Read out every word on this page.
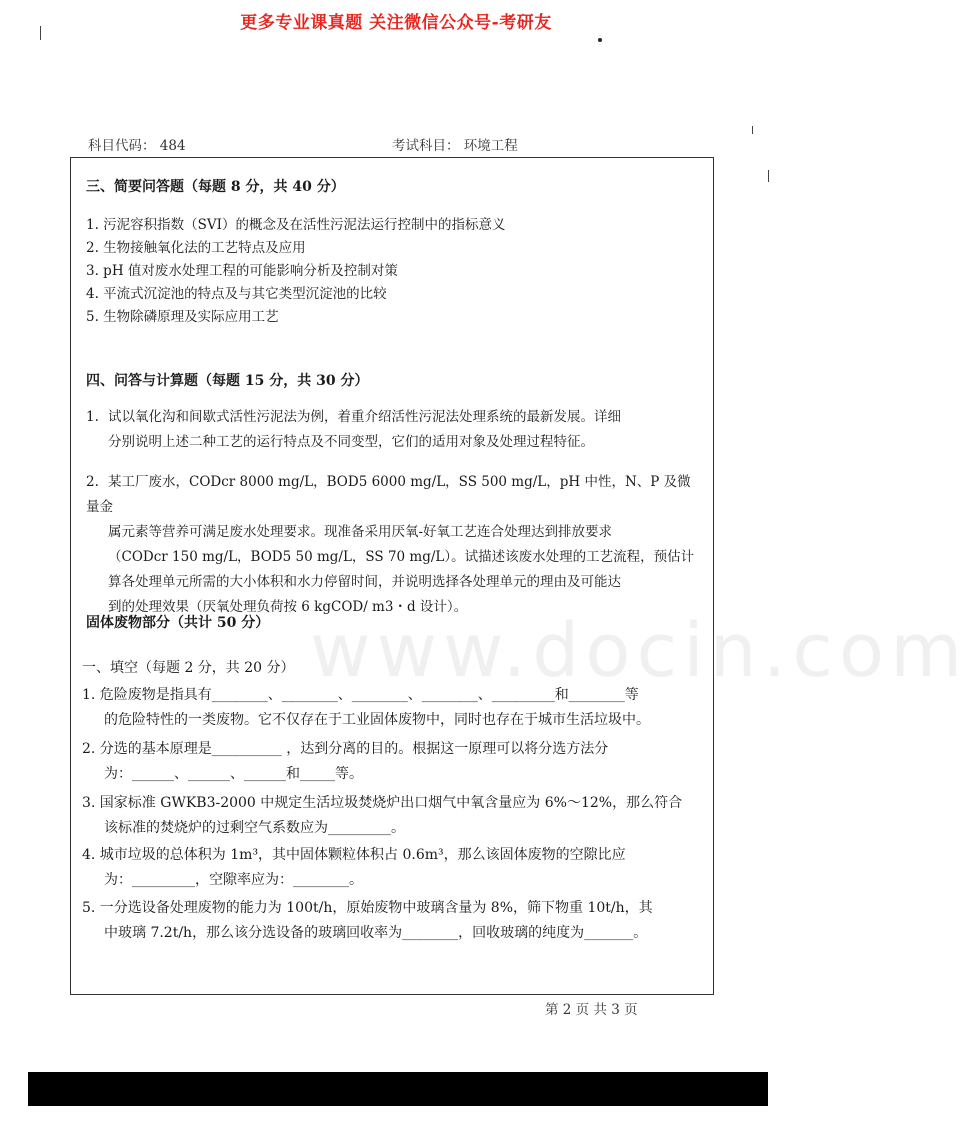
更多专业课真题 关注微信公众号-考研友
科目代码： 484	考试科目： 环境工程
三、简要问答题（每题 8 分，共 40 分）
1. 污泥容积指数（SVI）的概念及在活性污泥法运行控制中的指标意义
2. 生物接触氧化法的工艺特点及应用
3. pH 值对废水处理工程的可能影响分析及控制对策
4. 平流式沉淀池的特点及与其它类型沉淀池的比较
5. 生物除磷原理及实际应用工艺
四、问答与计算题（每题 15 分，共 30 分）
1. 试以氧化沟和间歇式活性污泥法为例，着重介绍活性污泥法处理系统的最新发展。详细
分别说明上述二种工艺的运行特点及不同变型，它们的适用对象及处理过程特征。
2. 某工厂废水，CODcr 8000 mg/L，BOD5 6000 mg/L，SS 500 mg/L，pH 中性，N、P 及微量金
属元素等营养可满足废水处理要求。现准备采用厌氧-好氧工艺连合处理达到排放要求
（CODcr 150 mg/L，BOD5 50 mg/L，SS 70 mg/L）。试描述该废水处理的工艺流程，预估计
算各处理单元所需的大小体积和水力停留时间，并说明选择各处理单元的理由及可能达
到的处理效果（厌氧处理负荷按 6 kgCOD/ m3・d 设计）。
固体废物部分（共计 50 分） www.docin.com
一、填空（每题 2 分，共 20 分）
1. 危险废物是指具有________、________、________、________、_________和________等
的危险特性的一类废物。它不仅存在于工业固体废物中，同时也存在于城市生活垃圾中。
2. 分选的基本原理是__________ ，达到分离的目的。根据这一原理可以将分选方法分
为：______、______、______和_____等。
3. 国家标准 GWKB3-2000 中规定生活垃圾焚烧炉出口烟气中氧含量应为 6%～12%，那么符合
该标准的焚烧炉的过剩空气系数应为_________。
4. 城市垃圾的总体积为 1m³，其中固体颗粒体积占 0.6m³，那么该固体废物的空隙比应
为：_________，空隙率应为：________。
5. 一分选设备处理废物的能力为 100t/h，原始废物中玻璃含量为 8%，筛下物重 10t/h，其
中玻璃 7.2t/h，那么该分选设备的玻璃回收率为________，回收玻璃的纯度为_______。
第 2 页 共 3 页
